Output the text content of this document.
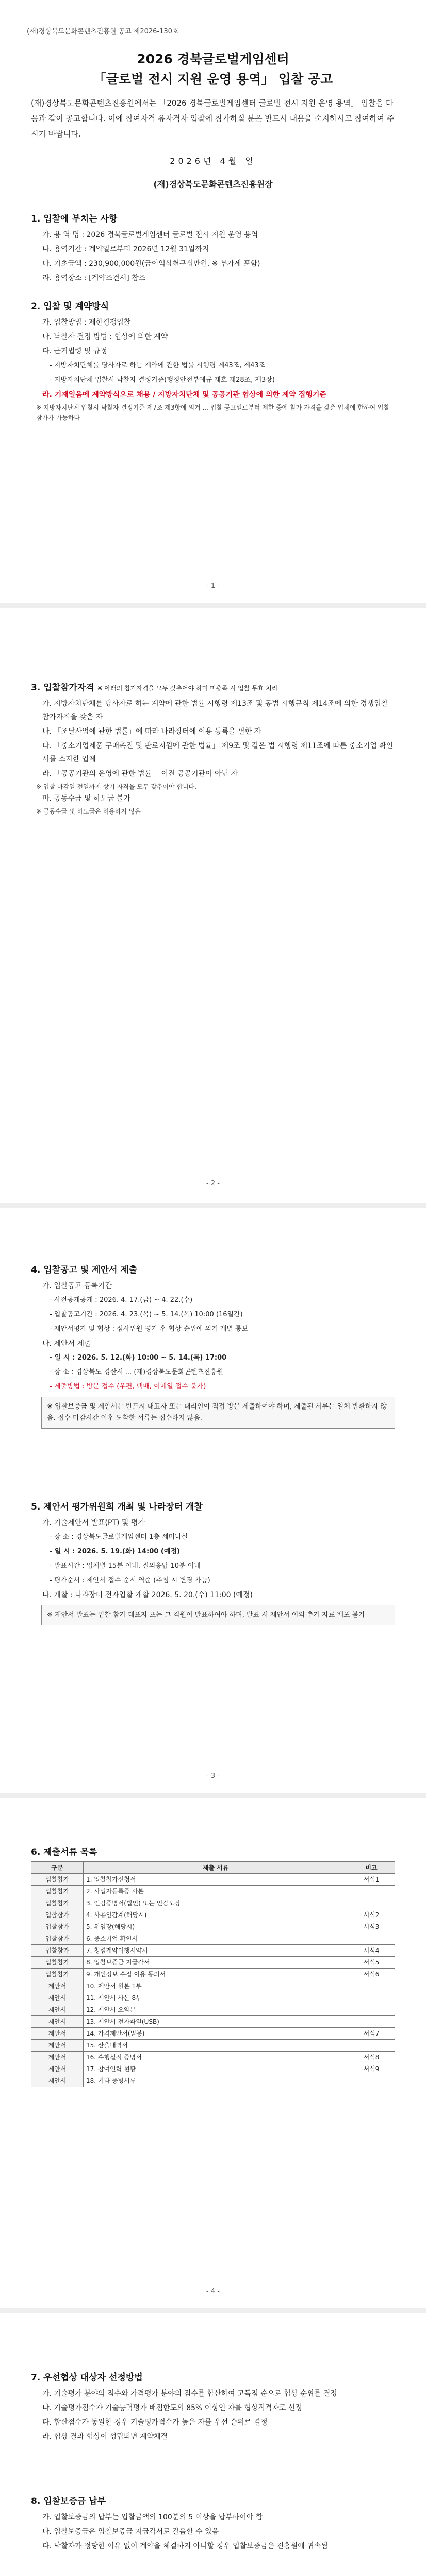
(재)경상북도문화콘텐츠진흥원 공고 제2026-130호
2026 경북글로벌게임센터
「글로벌 전시 지원 운영 용역」 입찰 공고
(재)경상북도문화콘텐츠진흥원에서는 「2026 경북글로벌게임센터 글로벌 전시 지원 운영 용역」 입찰을 다음과 같이 공고합니다. 이에 참여자격 유자격자 입찰에 참가하실 분은 반드시 내용을 숙지하시고 참여하여 주시기 바랍니다.
2026년 4월 일
(재)경상북도문화콘텐츠진흥원장
1. 입찰에 부치는 사항
가. 용 역 명 : 2026 경북글로벌게임센터 글로벌 전시 지원 운영 용역
나. 용역기간 : 계약일로부터 2026년 12월 31일까지
다. 기초금액 : 230,900,000원(금이억삼천구십만원, ※ 부가세 포함)
라. 용역장소 : [계약조건서] 참조
2. 입찰 및 계약방식
가. 입찰방법 : 제한경쟁입찰
나. 낙찰자 결정 방법 : 협상에 의한 계약
다. 근거법령 및 규정
- 지방자치단체를 당사자로 하는 계약에 관한 법률 시행령 제43조, 제43조
- 지방자치단체 입찰시 낙찰자 결정기준(행정안전부예규 제호 제28조, 제3장)
라. 기재일음에 계약방식으로 채용 / 지방자치단체 및 공공기관 협상에 의한 계약 집행기준
※ 지방자치단체 입찰시 낙찰자 결정기준 제7조 제3항에 의거 ... 입찰 공고일로부터 제한 중에 참가 자격을 갖춘 업체에 한하여 입찰 참가가 가능하다
- 1 -
3. 입찰참가자격 ※ 아래의 참가자격을 모두 갖추어야 하며 미충족 시 입찰 무효 처리
가. 지방자치단체를 당사자로 하는 계약에 관한 법률 시행령 제13조 및 동법 시행규칙 제14조에 의한 경쟁입찰 참가자격을 갖춘 자
나. 「조달사업에 관한 법률」에 따라 나라장터에 이용 등록을 필한 자
다. 「중소기업제품 구매촉진 및 판로지원에 관한 법률」 제9조 및 같은 법 시행령 제11조에 따른 중소기업 확인서를 소지한 업체
라. 「공공기관의 운영에 관한 법률」 이전 공공기관이 아닌 자
※ 입찰 마감일 전일까지 상기 자격을 모두 갖추어야 합니다.
마. 공동수급 및 하도급 불가
※ 공동수급 및 하도급은 허용하지 않음
- 2 -
4. 입찰공고 및 제안서 제출
가. 입찰공고 등록기간
- 사전공개공개 : 2026. 4. 17.(금) ~ 4. 22.(수)
- 입찰공고기간 : 2026. 4. 23.(목) ~ 5. 14.(목) 10:00 (16일간)
- 제안서평가 및 협상 : 심사위원 평가 후 협상 순위에 의거 개별 통보
나. 제안서 제출
- 일 시 : 2026. 5. 12.(화) 10:00 ~ 5. 14.(목) 17:00
- 장 소 : 경상북도 경산시 ... (재)경상북도문화콘텐츠진흥원
- 제출방법 : 방문 접수 (우편, 택배, 이메일 접수 불가)
※ 입찰보증금 및 제안서는 반드시 대표자 또는 대리인이 직접 방문 제출하여야 하며, 제출된 서류는 일체 반환하지 않음. 접수 마감시간 이후 도착한 서류는 접수하지 않음.
5. 제안서 평가위원회 개최 및 나라장터 개찰
가. 기술제안서 발표(PT) 및 평가
- 장 소 : 경상북도글로벌게임센터 1층 세미나실
- 일 시 : 2026. 5. 19.(화) 14:00 (예정)
- 발표시간 : 업체별 15분 이내, 질의응답 10분 이내
- 평가순서 : 제안서 접수 순서 역순 (추첨 시 변경 가능)
나. 개찰 : 나라장터 전자입찰 개찰 2026. 5. 20.(수) 11:00 (예정)
※ 제안서 발표는 입찰 참가 대표자 또는 그 직원이 발표하여야 하며, 발표 시 제안서 이외 추가 자료 배포 불가
- 3 -
6. 제출서류 목록
구분	제출 서류	비고
입찰참가	1. 입찰참가신청서	서식1
입찰참가	2. 사업자등록증 사본	
입찰참가	3. 인감증명서(법인) 또는 인감도장	
입찰참가	4. 사용인감계(해당시)	서식2
입찰참가	5. 위임장(해당시)	서식3
입찰참가	6. 중소기업 확인서	
입찰참가	7. 청렴계약이행서약서	서식4
입찰참가	8. 입찰보증금 지급각서	서식5
입찰참가	9. 개인정보 수집 이용 동의서	서식6
제안서	10. 제안서 원본 1부	
제안서	11. 제안서 사본 8부	
제안서	12. 제안서 요약본	
제안서	13. 제안서 전자파일(USB)	
제안서	14. 가격제안서(밀봉)	서식7
제안서	15. 산출내역서	
제안서	16. 수행실적 증명서	서식8
제안서	17. 참여인력 현황	서식9
제안서	18. 기타 증빙서류	
- 4 -
7. 우선협상 대상자 선정방법
가. 기술평가 분야의 점수와 가격평가 분야의 점수를 합산하여 고득점 순으로 협상 순위를 결정
나. 기술평가점수가 기술능력평가 배점한도의 85% 이상인 자를 협상적격자로 선정
다. 합산점수가 동일한 경우 기술평가점수가 높은 자를 우선 순위로 결정
라. 협상 결과 협상이 성립되면 계약체결
8. 입찰보증금 납부
가. 입찰보증금의 납부는 입찰금액의 100분의 5 이상을 납부하여야 함
나. 입찰보증금은 입찰보증금 지급각서로 갈음할 수 있음
다. 낙찰자가 정당한 이유 없이 계약을 체결하지 아니할 경우 입찰보증금은 진흥원에 귀속됨
